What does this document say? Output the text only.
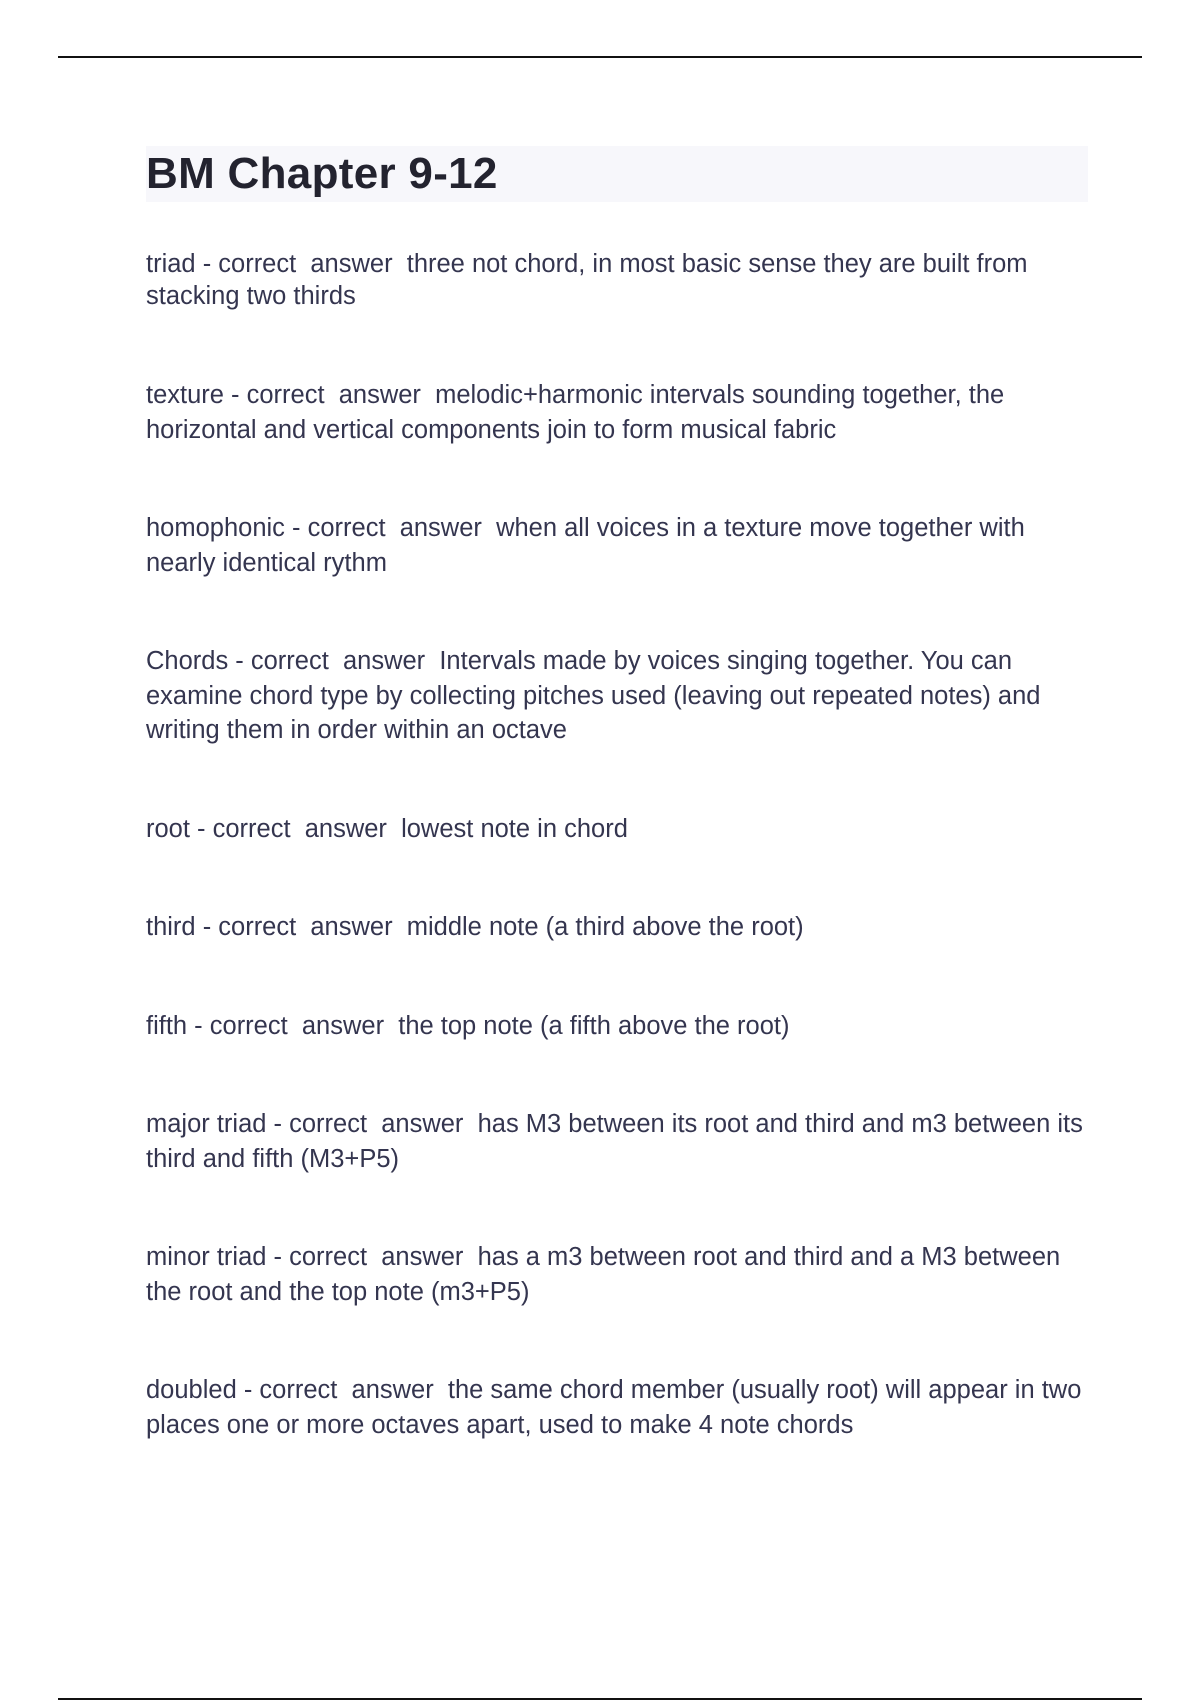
BM Chapter 9-12

triad - correct  answer  three not chord, in most basic sense they are built from stacking two thirds

texture - correct  answer  melodic+harmonic intervals sounding together, the horizontal and vertical components join to form musical fabric

homophonic - correct  answer  when all voices in a texture move together with nearly identical rythm

Chords - correct  answer  Intervals made by voices singing together. You can examine chord type by collecting pitches used (leaving out repeated notes) and writing them in order within an octave

root - correct  answer  lowest note in chord

third - correct  answer  middle note (a third above the root)

fifth - correct  answer  the top note (a fifth above the root)

major triad - correct  answer  has M3 between its root and third and m3 between its third and fifth (M3+P5)

minor triad - correct  answer  has a m3 between root and third and a M3 between the root and the top note (m3+P5)

doubled - correct  answer  the same chord member (usually root) will appear in two places one or more octaves apart, used to make 4 note chords
